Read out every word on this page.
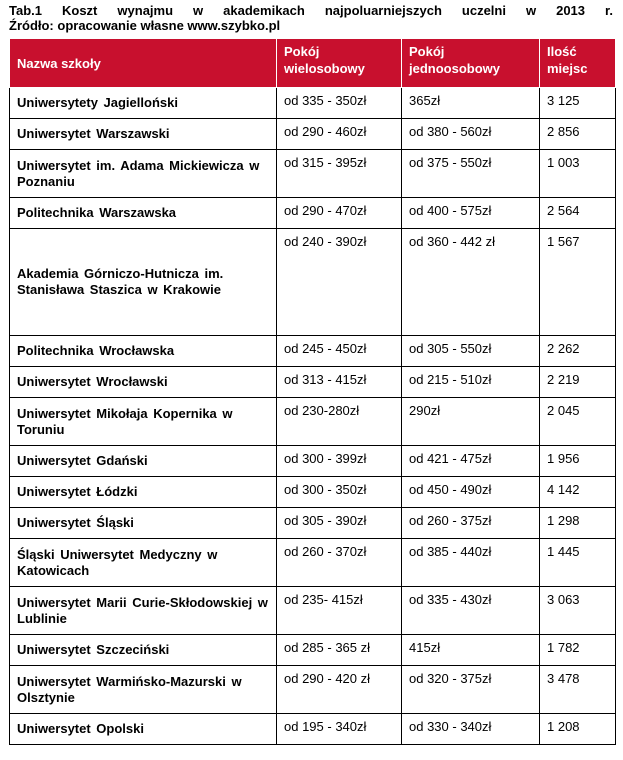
Tab.1 Koszt wynajmu w akademikach najpoluarniejszych uczelni w 2013 r.
Źródło: opracowanie własne www.szybko.pl
Nazwa szkoły	Pokój wielosobowy	Pokój jednoosobowy	Ilość miejsc
Uniwersytety Jagielloński	od 335 - 350zł	365zł	3 125
Uniwersytet Warszawski	od 290 - 460zł	od 380 - 560zł	2 856
Uniwersytet im. Adama Mickiewicza w Poznaniu	od 315 - 395zł	od 375 - 550zł	1 003
Politechnika Warszawska	od 290 - 470zł	od 400 - 575zł	2 564
Akademia Górniczo-Hutnicza im. Stanisława Staszica w Krakowie	od 240 - 390zł	od 360 - 442 zł	1 567
Politechnika Wrocławska	od 245 - 450zł	od 305 - 550zł	2 262
Uniwersytet Wrocławski	od 313 - 415zł	od 215 - 510zł	2 219
Uniwersytet Mikołaja Kopernika w Toruniu	od 230-280zł	290zł	2 045
Uniwersytet Gdański	od 300 - 399zł	od 421 - 475zł	1 956
Uniwersytet Łódzki	od 300 - 350zł	od 450 - 490zł	4 142
Uniwersytet Śląski	od 305 - 390zł	od 260 - 375zł	1 298
Śląski Uniwersytet Medyczny w Katowicach	od 260 - 370zł	od 385 - 440zł	1 445
Uniwersytet Marii Curie-Skłodowskiej w Lublinie	od 235- 415zł	od 335 - 430zł	3 063
Uniwersytet Szczeciński	od 285 - 365 zł	415zł	1 782
Uniwersytet Warmińsko-Mazurski w Olsztynie	od 290 - 420 zł	od 320 - 375zł	3 478
Uniwersytet Opolski	od 195 - 340zł	od 330 - 340zł	1 208
